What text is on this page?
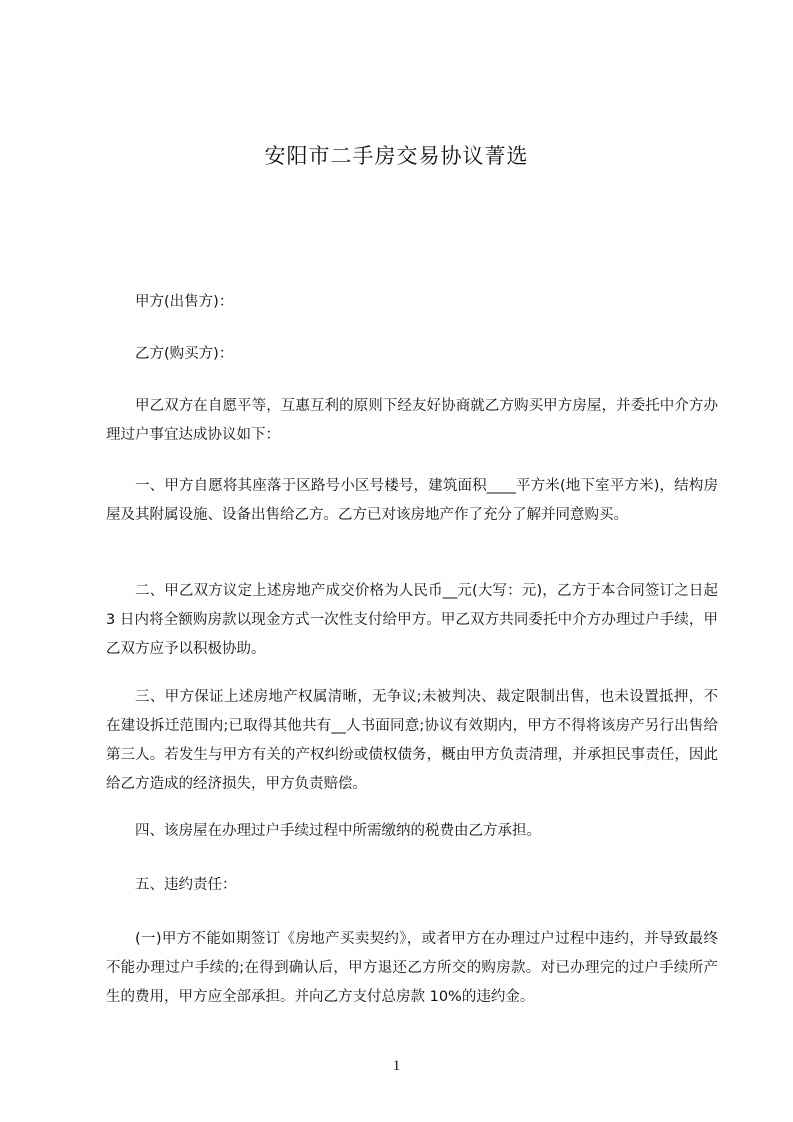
安阳市二手房交易协议菁选

甲方(出售方)：

乙方(购买方)：

甲乙双方在自愿平等，互惠互利的原则下经友好协商就乙方购买甲方房屋，并委托中介方办理过户事宜达成协议如下：

一、甲方自愿将其座落于区路号小区号楼号，建筑面积____平方米(地下室平方米)，结构房屋及其附属设施、设备出售给乙方。乙方已对该房地产作了充分了解并同意购买。

二、甲乙双方议定上述房地产成交价格为人民币__元(大写：元)，乙方于本合同签订之日起 3 日内将全额购房款以现金方式一次性支付给甲方。甲乙双方共同委托中介方办理过户手续，甲乙双方应予以积极协助。

三、甲方保证上述房地产权属清晰，无争议;未被判决、裁定限制出售，也未设置抵押，不在建设拆迁范围内;已取得其他共有__人书面同意;协议有效期内，甲方不得将该房产另行出售给第三人。若发生与甲方有关的产权纠纷或债权债务，概由甲方负责清理，并承担民事责任，因此给乙方造成的经济损失，甲方负责赔偿。

四、该房屋在办理过户手续过程中所需缴纳的税费由乙方承担。

五、违约责任：

(一)甲方不能如期签订《房地产买卖契约》，或者甲方在办理过户过程中违约，并导致最终不能办理过户手续的;在得到确认后，甲方退还乙方所交的购房款。对已办理完的过户手续所产生的费用，甲方应全部承担。并向乙方支付总房款 10%的违约金。

1
